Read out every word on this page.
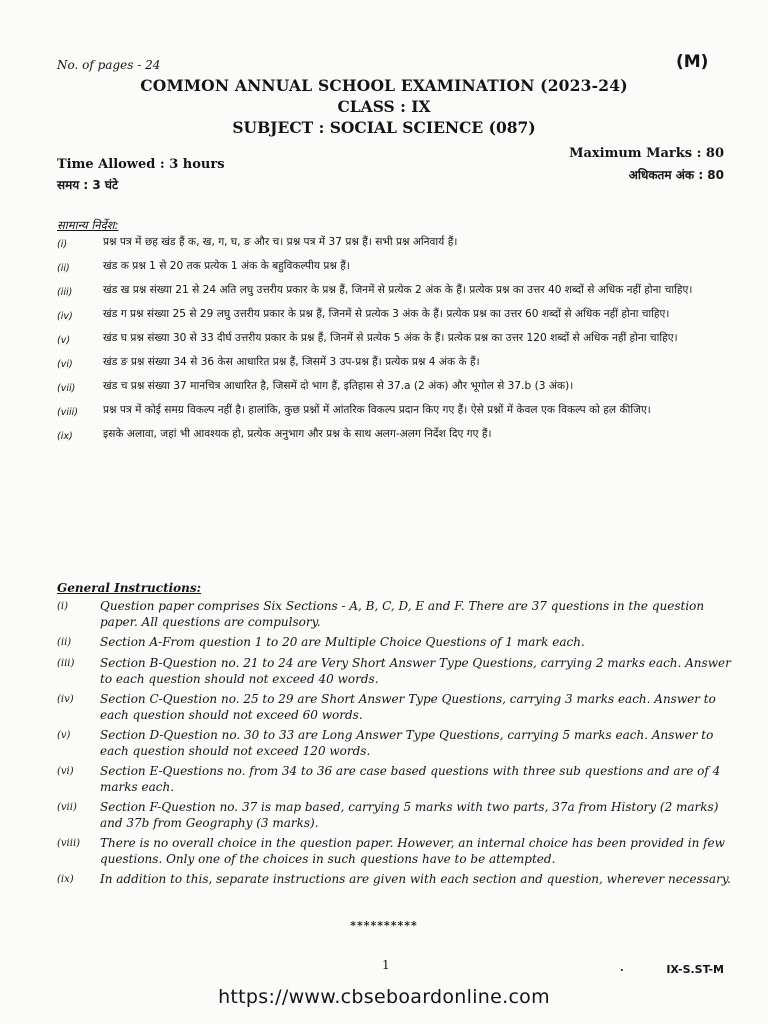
No. of pages - 24	(M)
COMMON ANNUAL SCHOOL EXAMINATION (2023-24)
CLASS : IX
SUBJECT : SOCIAL SCIENCE (087)
Time Allowed : 3 hours
समय : 3 घंटे
Maximum Marks : 80
अधिकतम अंक : 80
सामान्य निर्देश:
(i)	प्रश्न पत्र में छह खंड हैं क, ख, ग, घ, ङ और च। प्रश्न पत्र में 37 प्रश्न हैं। सभी प्रश्न अनिवार्य हैं।
(ii)	खंड क प्रश्न 1 से 20 तक प्रत्येक 1 अंक के बहुविकल्पीय प्रश्न हैं।
(iii)	खंड ख प्रश्न संख्या 21 से 24 अति लघु उत्तरीय प्रकार के प्रश्न हैं, जिनमें से प्रत्येक 2 अंक के हैं। प्रत्येक प्रश्न का उत्तर 40 शब्दों से अधिक नहीं होना चाहिए।
(iv)	खंड ग प्रश्न संख्या 25 से 29 लघु उत्तरीय प्रकार के प्रश्न हैं, जिनमें से प्रत्येक 3 अंक के हैं। प्रत्येक प्रश्न का उत्तर 60 शब्दों से अधिक नहीं होना चाहिए।
(v)	खंड घ प्रश्न संख्या 30 से 33 दीर्घ उत्तरीय प्रकार के प्रश्न हैं, जिनमें से प्रत्येक 5 अंक के हैं। प्रत्येक प्रश्न का उत्तर 120 शब्दों से अधिक नहीं होना चाहिए।
(vi)	खंड ङ प्रश्न संख्या 34 से 36 केस आधारित प्रश्न हैं, जिसमें 3 उप-प्रश्न हैं। प्रत्येक प्रश्न 4 अंक के हैं।
(vii)	खंड च प्रश्न संख्या 37 मानचित्र आधारित है, जिसमें दो भाग हैं, इतिहास से 37.a (2 अंक) और भूगोल से 37.b (3 अंक)।
(viii)	प्रश्न पत्र में कोई समग्र विकल्प नहीं है। हालांकि, कुछ प्रश्नों में आंतरिक विकल्प प्रदान किए गए हैं। ऐसे प्रश्नों में केवल एक विकल्प को हल कीजिए।
(ix)	इसके अलावा, जहां भी आवश्यक हो, प्रत्येक अनुभाग और प्रश्न के साथ अलग-अलग निर्देश दिए गए हैं।
General Instructions:
(i)	Question paper comprises Six Sections - A, B, C, D, E and F. There are 37 questions in the question paper. All questions are compulsory.
(ii)	Section A-From question 1 to 20 are Multiple Choice Questions of 1 mark each.
(iii)	Section B-Question no. 21 to 24 are Very Short Answer Type Questions, carrying 2 marks each. Answer to each question should not exceed 40 words.
(iv)	Section C-Question no. 25 to 29 are Short Answer Type Questions, carrying 3 marks each. Answer to each question should not exceed 60 words.
(v)	Section D-Question no. 30 to 33 are Long Answer Type Questions, carrying 5 marks each. Answer to each question should not exceed 120 words.
(vi)	Section E-Questions no. from 34 to 36 are case based questions with three sub questions and are of 4 marks each.
(vii)	Section F-Question no. 37 is map based, carrying 5 marks with two parts, 37a from History (2 marks) and 37b from Geography (3 marks).
(viii)	There is no overall choice in the question paper. However, an internal choice has been provided in few questions. Only one of the choices in such questions have to be attempted.
(ix)	In addition to this, separate instructions are given with each section and question, wherever necessary.
**********
1	·	IX-S.ST-M
https://www.cbseboardonline.com
